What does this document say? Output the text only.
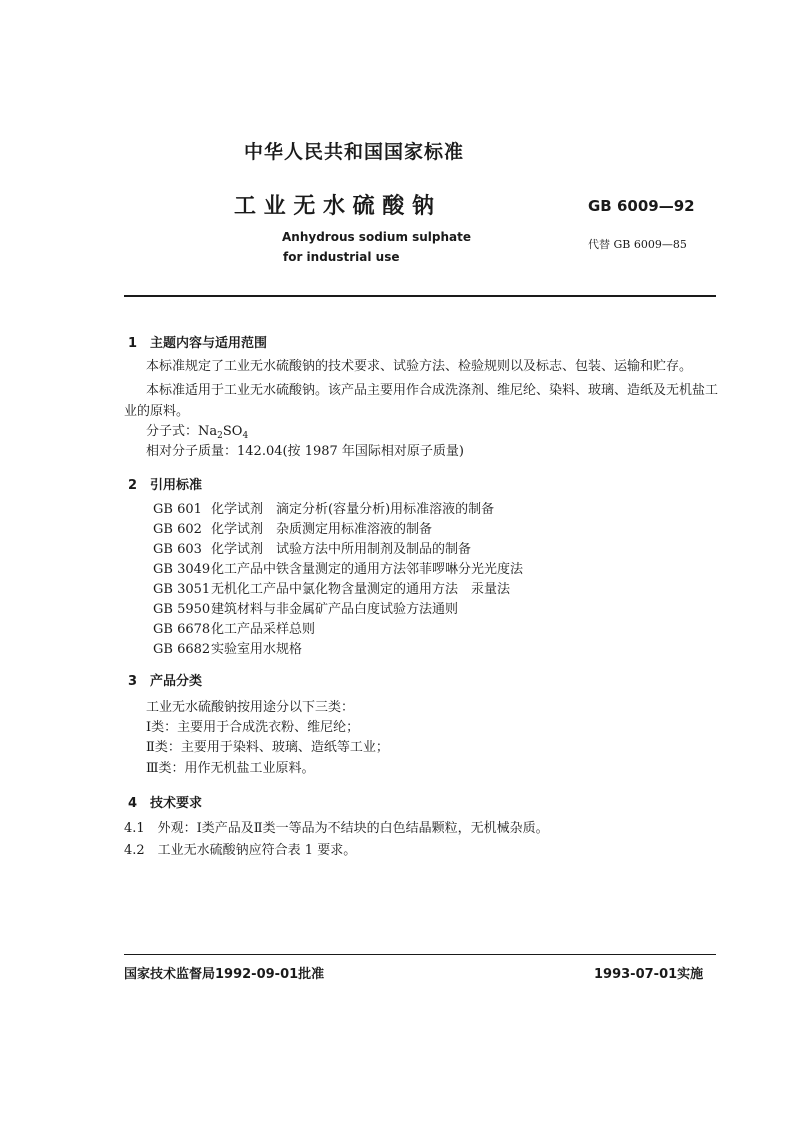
中华人民共和国国家标准
工 业 无 水 硫 酸 钠	GB 6009—92
Anhydrous sodium sulphate
for industrial use
代替 GB 6009—85
1　主题内容与适用范围
本标准规定了工业无水硫酸钠的技术要求、试验方法、检验规则以及标志、包装、运输和贮存。
本标准适用于工业无水硫酸钠。该产品主要用作合成洗涤剂、维尼纶、染料、玻璃、造纸及无机盐工
业的原料。
分子式：$Na_2SO_4$
相对分子质量：142.04(按 1987 年国际相对原子质量)
2　引用标准
GB 601 化学试剂　滴定分析(容量分析)用标准溶液的制备
GB 602 化学试剂　杂质测定用标准溶液的制备
GB 603 化学试剂　试验方法中所用制剂及制品的制备
GB 3049化工产品中铁含量测定的通用方法邻菲啰啉分光光度法
GB 3051无机化工产品中氯化物含量测定的通用方法　汞量法
GB 5950建筑材料与非金属矿产品白度试验方法通则
GB 6678化工产品采样总则
GB 6682实验室用水规格
3　产品分类
工业无水硫酸钠按用途分以下三类：
Ⅰ类：主要用于合成洗衣粉、维尼纶；
Ⅱ类：主要用于染料、玻璃、造纸等工业；
Ⅲ类：用作无机盐工业原料。
4　技术要求
4.1　外观：Ⅰ类产品及Ⅱ类一等品为不结块的白色结晶颗粒，无机械杂质。
4.2　工业无水硫酸钠应符合表 1 要求。
国家技术监督局1992-09-01批准	1993-07-01实施
